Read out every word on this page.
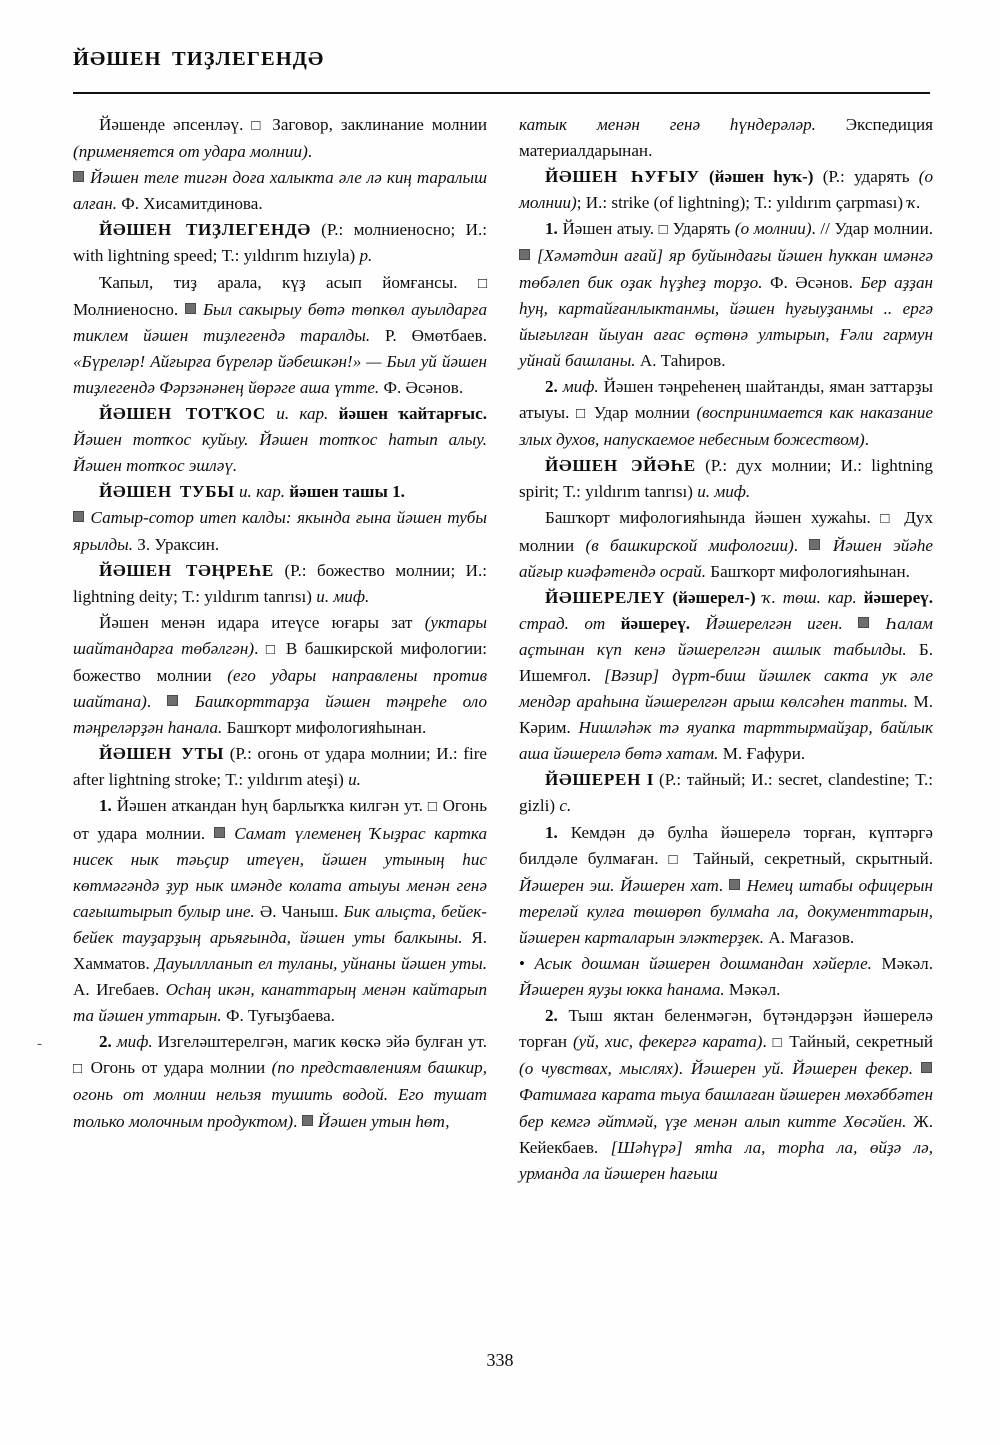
ЙӘШЕН ТИҘЛЕГЕНДӘ
-

Йәшенде әпсенләү. □ Заговор, заклинание молнии (применяется от удара молнии).
Йәшен теле тигән доға халыкта әле лә киң таралыш алған. Ф. Хисамитдинова.

ЙӘШЕН ТИҘЛЕГЕНДӘ (Р.: молниеносно; И.: with lightning speed; Т.: yıldırım hızıyla) р.

Ҡапыл, тиҙ арала, күҙ асып йомғансы. □ Молниеносно.  Был сакырыу бөтә төпкөл ауылдарға тиклем йәшен тиҙлегендә таралды. Р. Өмөтбаев. «Бүреләр! Айғырға бүреләр йәбешкән!» — Был уй йәшен тиҙлегендә Фәрзәнәнең йөрәге аша үтте. Ф. Әсәнов.

ЙӘШЕН ТОТҠОС и. кар. йәшен ҡайтарғыс. Йәшен тотҡос куйыу. Йәшен тотҡос һатып алыу. Йәшен тотҡос эшләү.

ЙӘШЕН ТУБЫ и. кар. йәшен ташы 1.
Сатыр-сотор итеп калды: якында ғына йәшен тубы ярылды. З. Ураксин.

ЙӘШЕН ТӘҢРЕҺЕ (Р.: божество молнии; И.: lightning deity; Т.: yıldırım tanrısı) и. миф.

Йәшен менән идара итеүсе юғары зат (уктары шайтандарға төбәлгән). □ В башкирской мифологии: божество молнии (его удары направлены против шайтана).  Башҡорттарҙа йәшен тәңреһе оло тәңреләрҙән һанала. Башҡорт мифологияһынан.

ЙӘШЕН УТЫ (Р.: огонь от удара молнии; И.: fire after lightning stroke; Т.: yıldırım ateşi) и.

1. Йәшен аткандан һуң барлыҡҡа килгән ут. □ Огонь от удара молнии.  Самат үлеменең Ҡыҙрас картка нисек нык тәьҫир итеүен, йәшен утының һис көтмәгәндә ҙур нык имәнде колата атыуы менән генә сағыштырып булыр ине. Ә. Чаныш. Бик алыҫта, бейек-бейек тауҙарҙың арьяғында, йәшен уты балкыны. Я. Хамматов. Дауыллланып ел туланы, уйнаны йәшен уты. А. Игебаев. Осһаң икән, канаттарың менән кайтарып та йәшен уттарын. Ф. Туғыҙбаева.

2. миф. Изгеләштерелгән, магик көскә эйә булған ут. □ Огонь от удара молнии (по представлениям башкир, огонь от молнии нельзя тушить водой. Его тушат только молочным продуктом).  Йәшен утын һөт,

катык менән генә һүндерәләр. Экспедиция материалдарынан.

ЙӘШЕН ҺУҒЫУ (йәшен һуҡ-) (Р.: ударять (о молнии); И.: strike (of lightning); Т.: yıldırım çarpması) ҡ.

1. Йәшен атыу. □ Ударять (о молнии). // Удар молнии.  [Хәмәтдин ағай] яр буйындағы йәшен һуккан имәнгә төбәлеп бик оҙак һүҙһеҙ торҙо. Ф. Әсәнов. Бер аҙҙан һуң, картайғанлыктанмы, йәшен һуғыуҙанмы .. ергә йығылған йыуан ағас өҫтөнә ултырып, Ғәли гармун уйнай башланы. А. Таһиров.

2. миф. Йәшен тәңреһенең шайтанды, яман заттарҙы атыуы. □ Удар молнии (воспринимается как наказание злых духов, напускаемое небесным божеством).

ЙӘШЕН ЭЙӘҺЕ (Р.: дух молнии; И.: lightning spirit; Т.: yıldırım tanrısı) и. миф.

Башҡорт мифологияһында йәшен хужаһы. □ Дух молнии (в башкирской мифологии).  Йәшен эйәһе айғыр киәфәтендә осрай. Башҡорт мифологияһынан.

ЙӘШЕРЕЛЕҮ (йәшерел-) ҡ. төш. кар. йәшереү. страд. от йәшереү. Йәшерелгән иген.  Һалам аҫтынан күп кенә йәшерелгән ашлык табылды. Б. Ишемғол. [Вәзир] дүрт-биш йәшлек сакта ук әле мендәр араһына йәшерелгән арыш көлсәһен тапты. М. Кәрим. Нишләһәк тә яуапка тарттырмайҙар, байлык аша йәшерелә бөтә хатам. М. Ғафури.

ЙӘШЕРЕН I (Р.: тайный; И.: secret, clandestine; Т.: gizli) с.

1. Кемдән дә булһа йәшерелә торған, күптәргә билдәле булмаған. □ Тайный, секретный, скрытный. Йәшерен эш. Йәшерен хат.  Немец штабы офицерын тереләй кулға төшөрөп булмаһа ла, документтарын, йәшерен карталарын эләктерҙек. А. Мағазов.
• Асык дошман йәшерен дошмандан хәйерле. Мәкәл. Йәшерен яуҙы юкка һанама. Мәкәл.

2. Тыш яктан беленмәгән, бүтәндәрҙән йәшерелә торған (уй, хис, фекергә карата). □ Тайный, секретный (о чувствах, мыслях). Йәшерен уй. Йәшерен фекер.  Фатимаға карата тыуа башлаған йәшерен мөхәббәтен бер кемгә әйтмәй, үҙе менән алып китте Хөсәйен. Ж. Кейекбаев. [Шәһүрә] ятһа ла, торһа ла, өйҙә лә, урманда ла йәшерен һағыш

338
